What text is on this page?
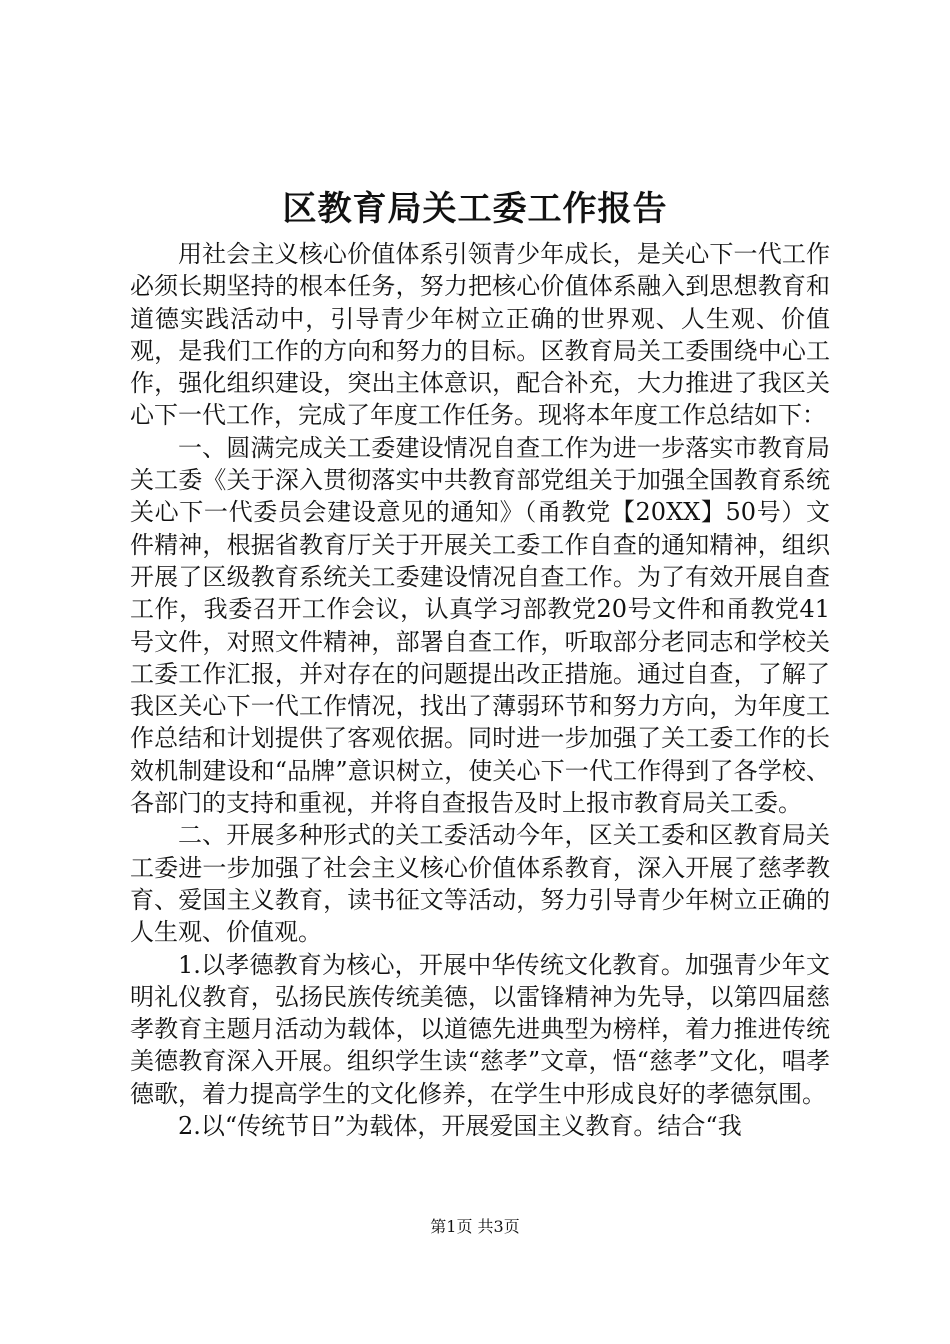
区教育局关工委工作报告

用社会主义核心价值体系引领青少年成长，是关心下一代工作必须长期坚持的根本任务，努力把核心价值体系融入到思想教育和道德实践活动中，引导青少年树立正确的世界观、人生观、价值观，是我们工作的方向和努力的目标。区教育局关工委围绕中心工作，强化组织建设，突出主体意识，配合补充，大力推进了我区关心下一代工作，完成了年度工作任务。现将本年度工作总结如下：

一、圆满完成关工委建设情况自查工作为进一步落实市教育局关工委《关于深入贯彻落实中共教育部党组关于加强全国教育系统关心下一代委员会建设意见的通知》（甬教党【20XX】50号）文件精神，根据省教育厅关于开展关工委工作自查的通知精神，组织开展了区级教育系统关工委建设情况自查工作。为了有效开展自查工作，我委召开工作会议，认真学习部教党20号文件和甬教党41号文件，对照文件精神，部署自查工作，听取部分老同志和学校关工委工作汇报，并对存在的问题提出改正措施。通过自查，了解了我区关心下一代工作情况，找出了薄弱环节和努力方向，为年度工作总结和计划提供了客观依据。同时进一步加强了关工委工作的长效机制建设和“品牌”意识树立，使关心下一代工作得到了各学校、各部门的支持和重视，并将自查报告及时上报市教育局关工委。

二、开展多种形式的关工委活动今年，区关工委和区教育局关工委进一步加强了社会主义核心价值体系教育，深入开展了慈孝教育、爱国主义教育，读书征文等活动，努力引导青少年树立正确的人生观、价值观。

1.以孝德教育为核心，开展中华传统文化教育。加强青少年文明礼仪教育，弘扬民族传统美德，以雷锋精神为先导，以第四届慈孝教育主题月活动为载体，以道德先进典型为榜样，着力推进传统美德教育深入开展。组织学生读“慈孝”文章，悟“慈孝”文化，唱孝德歌，着力提高学生的文化修养，在学生中形成良好的孝德氛围。

2.以“传统节日”为载体，开展爱国主义教育。结合“我

第1页 共3页
